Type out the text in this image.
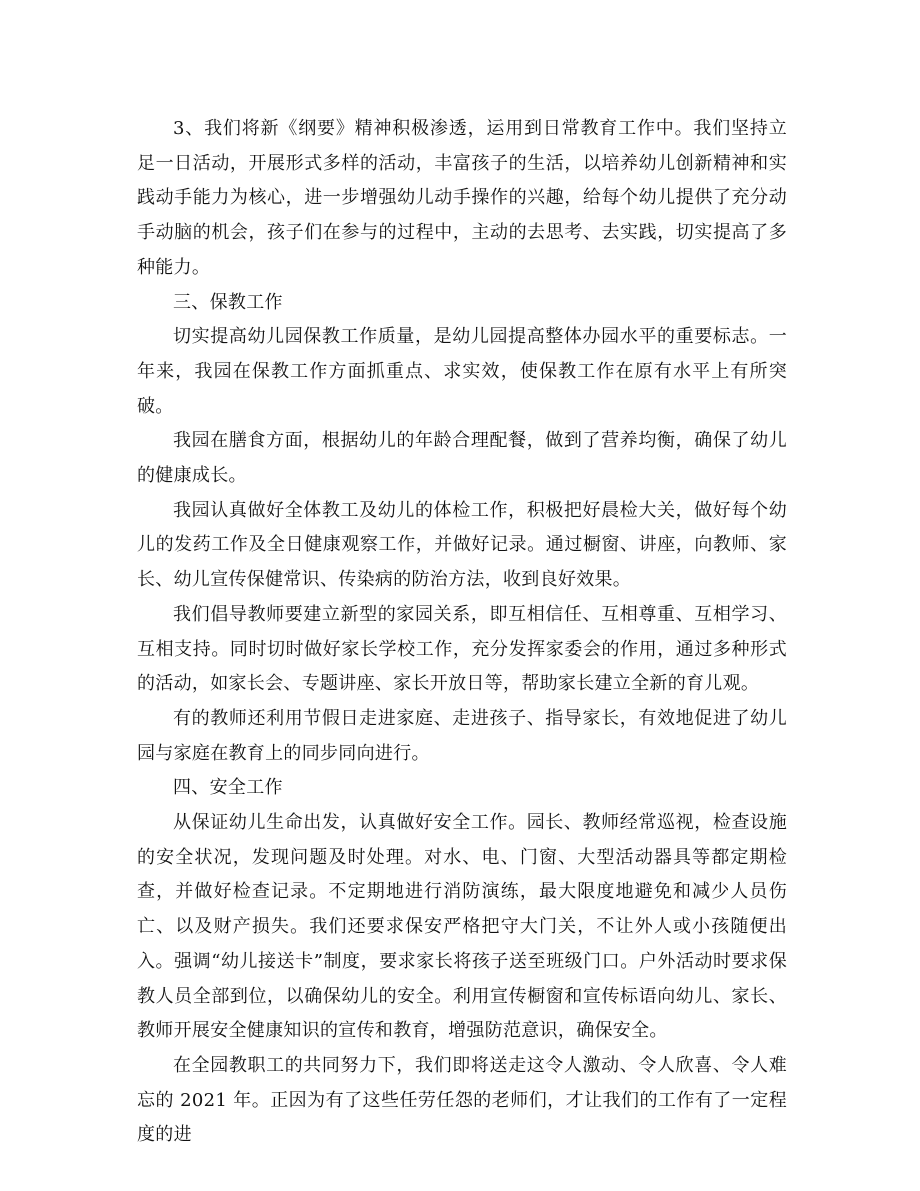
3、我们将新《纲要》精神积极渗透，运用到日常教育工作中。我们坚持立足一日活动，开展形式多样的活动，丰富孩子的生活，以培养幼儿创新精神和实践动手能力为核心，进一步增强幼儿动手操作的兴趣，给每个幼儿提供了充分动手动脑的机会，孩子们在参与的过程中，主动的去思考、去实践，切实提高了多种能力。

三、保教工作

切实提高幼儿园保教工作质量，是幼儿园提高整体办园水平的重要标志。一年来，我园在保教工作方面抓重点、求实效，使保教工作在原有水平上有所突破。

我园在膳食方面，根据幼儿的年龄合理配餐，做到了营养均衡，确保了幼儿的健康成长。

我园认真做好全体教工及幼儿的体检工作，积极把好晨检大关，做好每个幼儿的发药工作及全日健康观察工作，并做好记录。通过橱窗、讲座，向教师、家长、幼儿宣传保健常识、传染病的防治方法，收到良好效果。

我们倡导教师要建立新型的家园关系，即互相信任、互相尊重、互相学习、互相支持。同时切时做好家长学校工作，充分发挥家委会的作用，通过多种形式的活动，如家长会、专题讲座、家长开放日等，帮助家长建立全新的育儿观。

有的教师还利用节假日走进家庭、走进孩子、指导家长，有效地促进了幼儿园与家庭在教育上的同步同向进行。

四、安全工作

从保证幼儿生命出发，认真做好安全工作。园长、教师经常巡视，检查设施的安全状况，发现问题及时处理。对水、电、门窗、大型活动器具等都定期检查，并做好检查记录。不定期地进行消防演练，最大限度地避免和减少人员伤亡、以及财产损失。我们还要求保安严格把守大门关，不让外人或小孩随便出入。强调“幼儿接送卡”制度，要求家长将孩子送至班级门口。户外活动时要求保教人员全部到位，以确保幼儿的安全。利用宣传橱窗和宣传标语向幼儿、家长、教师开展安全健康知识的宣传和教育，增强防范意识，确保安全。

在全园教职工的共同努力下，我们即将送走这令人激动、令人欣喜、令人难忘的 2021 年。正因为有了这些任劳任怨的老师们，才让我们的工作有了一定程度的进
